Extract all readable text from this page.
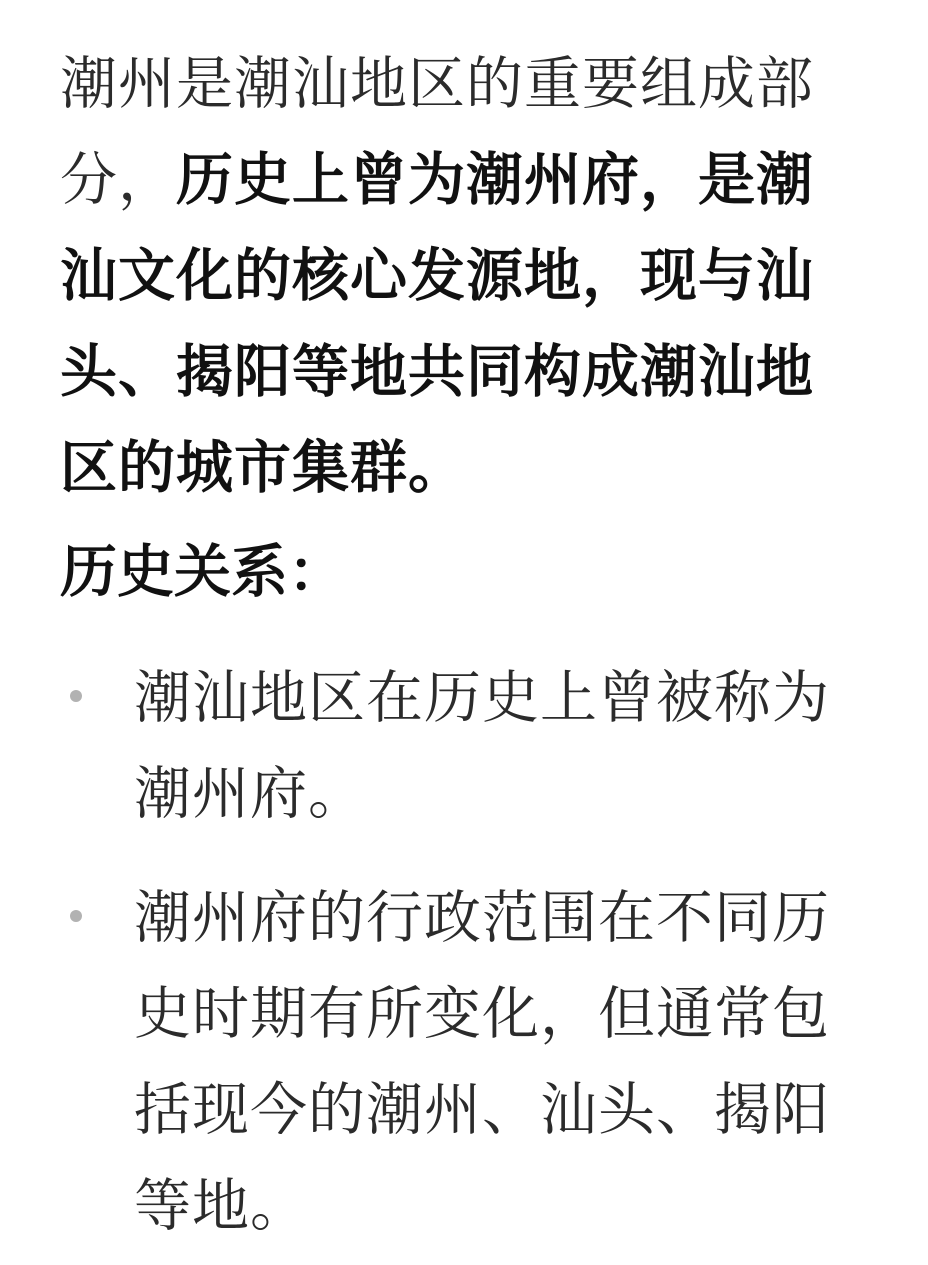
潮州是潮汕地区的重要组成部分，历史上曾为潮州府，是潮汕文化的核心发源地，现与汕头、揭阳等地共同构成潮汕地区的城市集群。

历史关系：
潮汕地区在历史上曾被称为潮州府。
潮州府的行政范围在不同历史时期有所变化，但通常包括现今的潮州、汕头、揭阳等地。
